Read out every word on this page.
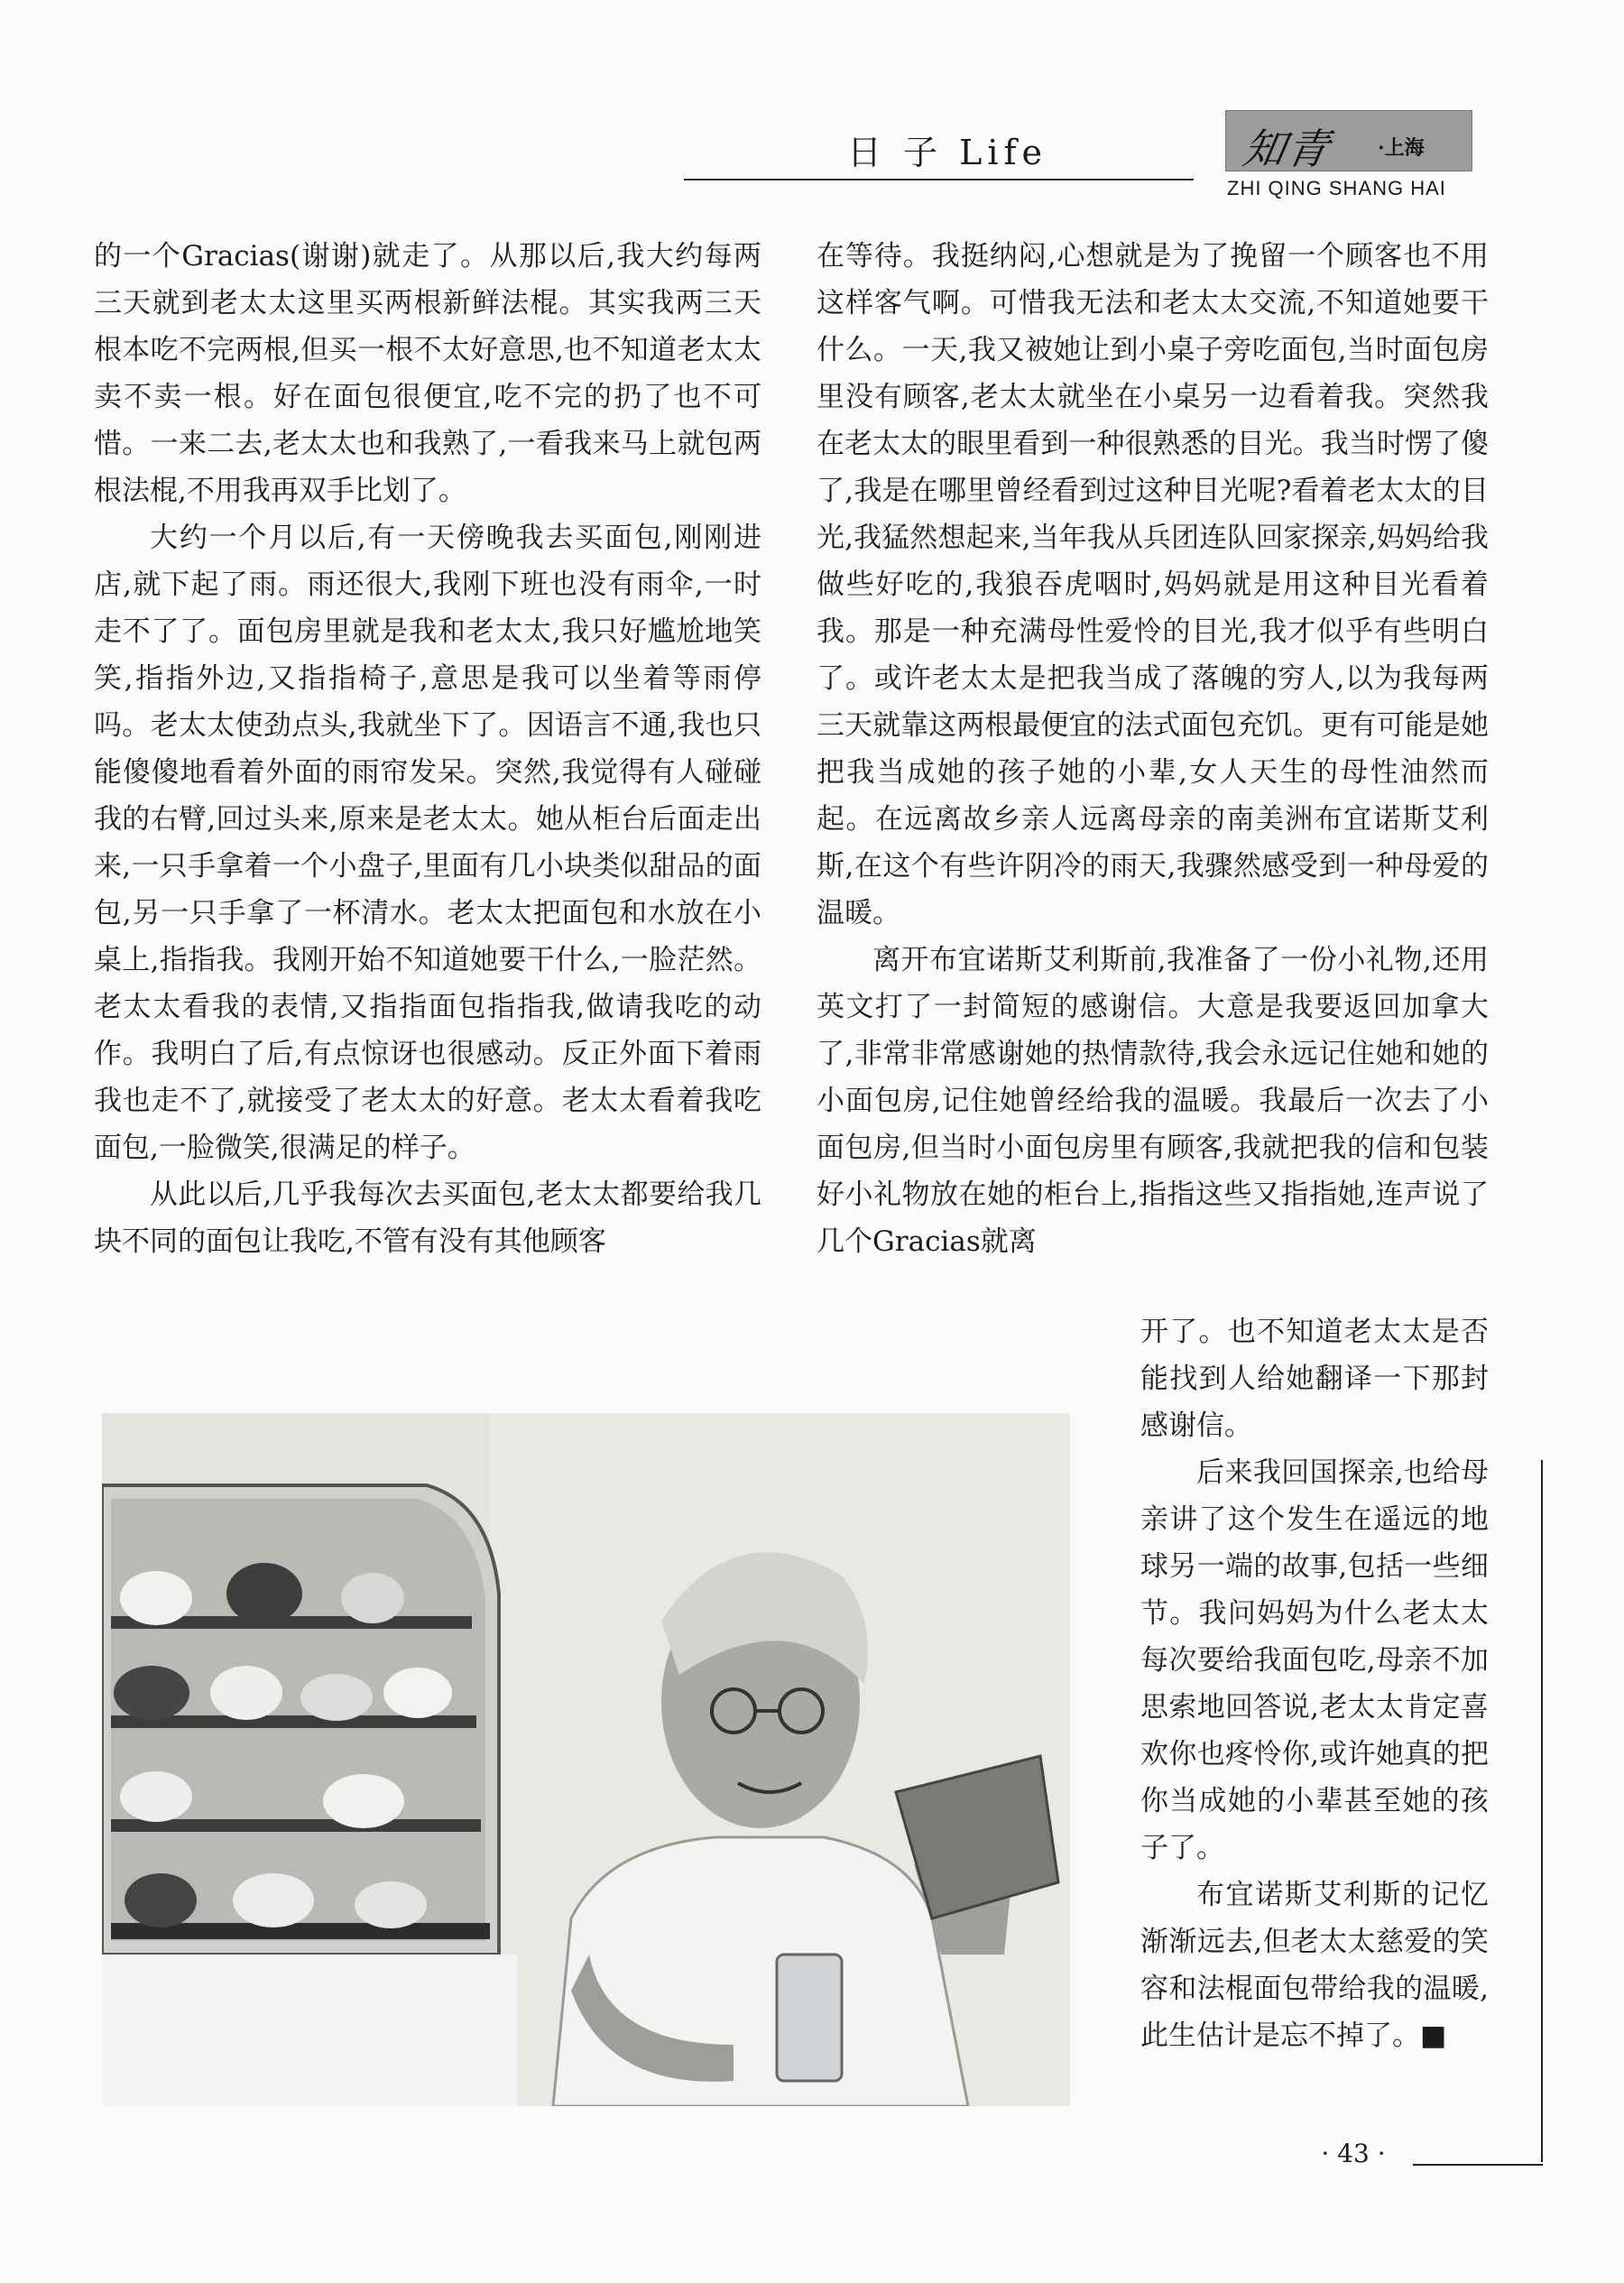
日 子 Life	知青 ·上海
ZHI QING SHANG HAI

的一个Gracias(谢谢)就走了。从那以后,我大约每两三天就到老太太这里买两根新鲜法棍。其实我两三天根本吃不完两根,但买一根不太好意思,也不知道老太太卖不卖一根。好在面包很便宜,吃不完的扔了也不可惜。一来二去,老太太也和我熟了,一看我来马上就包两根法棍,不用我再双手比划了。

大约一个月以后,有一天傍晚我去买面包,刚刚进店,就下起了雨。雨还很大,我刚下班也没有雨伞,一时走不了了。面包房里就是我和老太太,我只好尴尬地笑笑,指指外边,又指指椅子,意思是我可以坐着等雨停吗。老太太使劲点头,我就坐下了。因语言不通,我也只能傻傻地看着外面的雨帘发呆。突然,我觉得有人碰碰我的右臂,回过头来,原来是老太太。她从柜台后面走出来,一只手拿着一个小盘子,里面有几小块类似甜品的面包,另一只手拿了一杯清水。老太太把面包和水放在小桌上,指指我。我刚开始不知道她要干什么,一脸茫然。老太太看我的表情,又指指面包指指我,做请我吃的动作。我明白了后,有点惊讶也很感动。反正外面下着雨我也走不了,就接受了老太太的好意。老太太看着我吃面包,一脸微笑,很满足的样子。

从此以后,几乎我每次去买面包,老太太都要给我几块不同的面包让我吃,不管有没有其他顾客

在等待。我挺纳闷,心想就是为了挽留一个顾客也不用这样客气啊。可惜我无法和老太太交流,不知道她要干什么。一天,我又被她让到小桌子旁吃面包,当时面包房里没有顾客,老太太就坐在小桌另一边看着我。突然我在老太太的眼里看到一种很熟悉的目光。我当时愣了傻了,我是在哪里曾经看到过这种目光呢?看着老太太的目光,我猛然想起来,当年我从兵团连队回家探亲,妈妈给我做些好吃的,我狼吞虎咽时,妈妈就是用这种目光看着我。那是一种充满母性爱怜的目光,我才似乎有些明白了。或许老太太是把我当成了落魄的穷人,以为我每两三天就靠这两根最便宜的法式面包充饥。更有可能是她把我当成她的孩子她的小辈,女人天生的母性油然而起。在远离故乡亲人远离母亲的南美洲布宜诺斯艾利斯,在这个有些许阴冷的雨天,我骤然感受到一种母爱的温暖。

离开布宜诺斯艾利斯前,我准备了一份小礼物,还用英文打了一封简短的感谢信。大意是我要返回加拿大了,非常非常感谢她的热情款待,我会永远记住她和她的小面包房,记住她曾经给我的温暖。我最后一次去了小面包房,但当时小面包房里有顾客,我就把我的信和包装好小礼物放在她的柜台上,指指这些又指指她,连声说了几个Gracias就离

开了。也不知道老太太是否能找到人给她翻译一下那封感谢信。

后来我回国探亲,也给母亲讲了这个发生在遥远的地球另一端的故事,包括一些细节。我问妈妈为什么老太太每次要给我面包吃,母亲不加思索地回答说,老太太肯定喜欢你也疼怜你,或许她真的把你当成她的小辈甚至她的孩子了。

布宜诺斯艾利斯的记忆渐渐远去,但老太太慈爱的笑容和法棍面包带给我的温暖,此生估计是忘不掉了。■

· 43 ·
